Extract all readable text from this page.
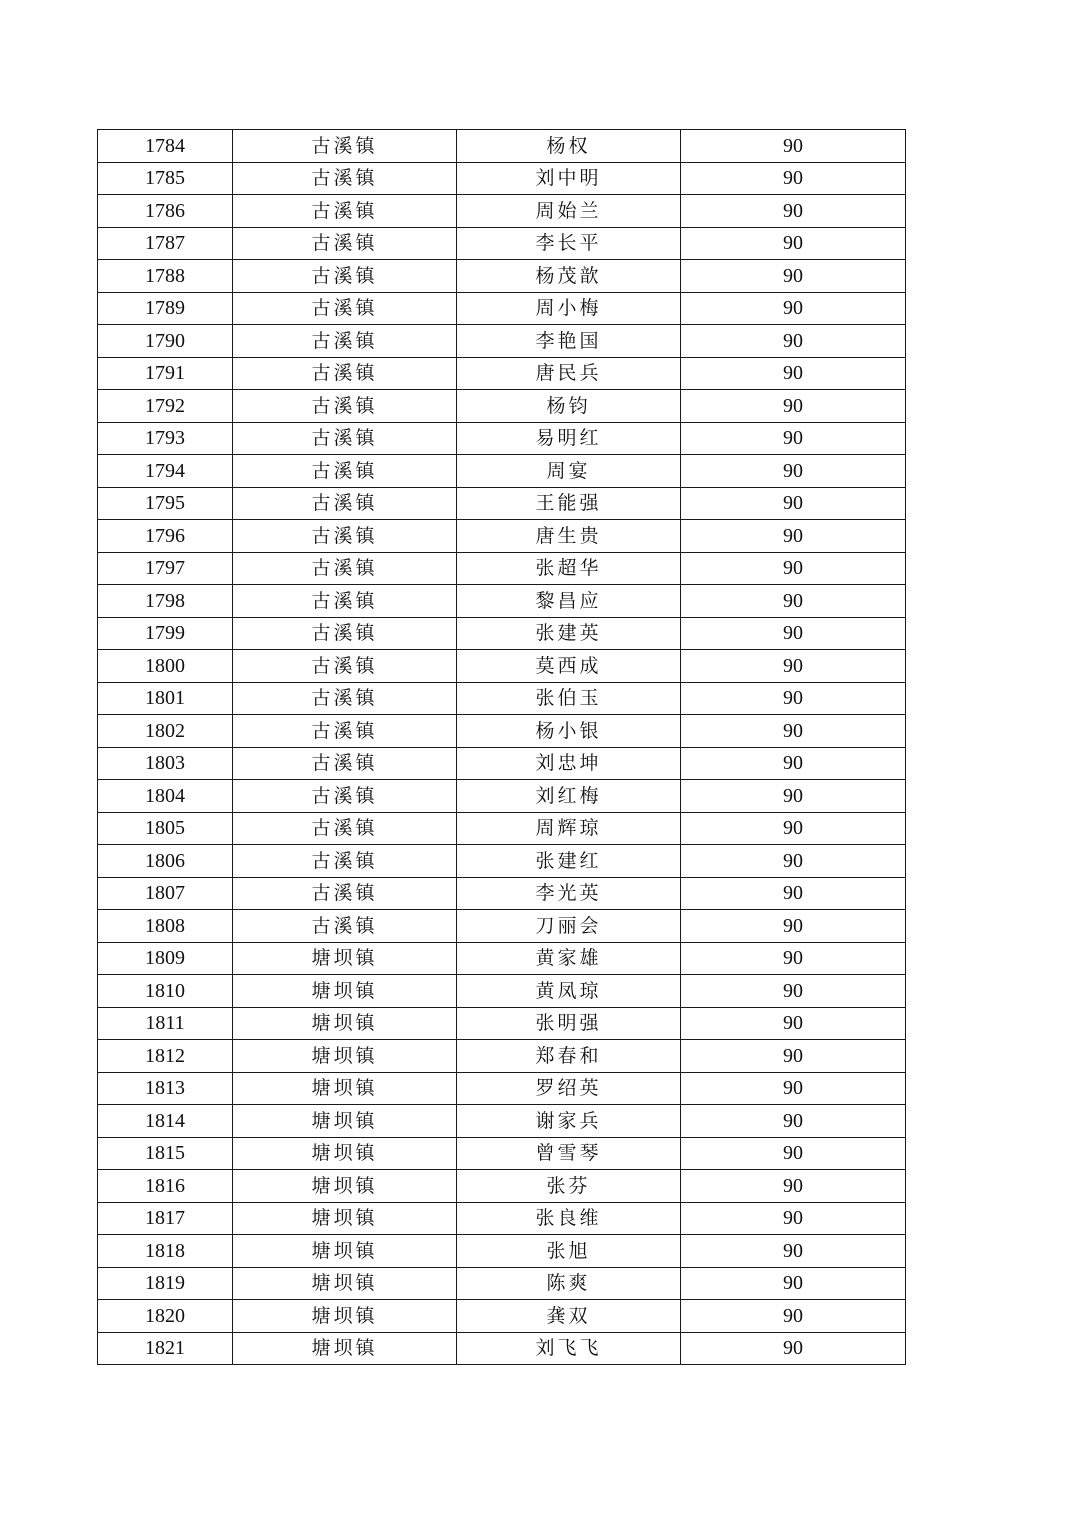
1784	古溪镇	杨权	90
1785	古溪镇	刘中明	90
1786	古溪镇	周始兰	90
1787	古溪镇	李长平	90
1788	古溪镇	杨茂歆	90
1789	古溪镇	周小梅	90
1790	古溪镇	李艳国	90
1791	古溪镇	唐民兵	90
1792	古溪镇	杨钧	90
1793	古溪镇	易明红	90
1794	古溪镇	周宴	90
1795	古溪镇	王能强	90
1796	古溪镇	唐生贵	90
1797	古溪镇	张超华	90
1798	古溪镇	黎昌应	90
1799	古溪镇	张建英	90
1800	古溪镇	莫西成	90
1801	古溪镇	张伯玉	90
1802	古溪镇	杨小银	90
1803	古溪镇	刘忠坤	90
1804	古溪镇	刘红梅	90
1805	古溪镇	周辉琼	90
1806	古溪镇	张建红	90
1807	古溪镇	李光英	90
1808	古溪镇	刀丽会	90
1809	塘坝镇	黄家雄	90
1810	塘坝镇	黄凤琼	90
1811	塘坝镇	张明强	90
1812	塘坝镇	郑春和	90
1813	塘坝镇	罗绍英	90
1814	塘坝镇	谢家兵	90
1815	塘坝镇	曾雪琴	90
1816	塘坝镇	张芬	90
1817	塘坝镇	张良维	90
1818	塘坝镇	张旭	90
1819	塘坝镇	陈爽	90
1820	塘坝镇	龚双	90
1821	塘坝镇	刘飞飞	90
